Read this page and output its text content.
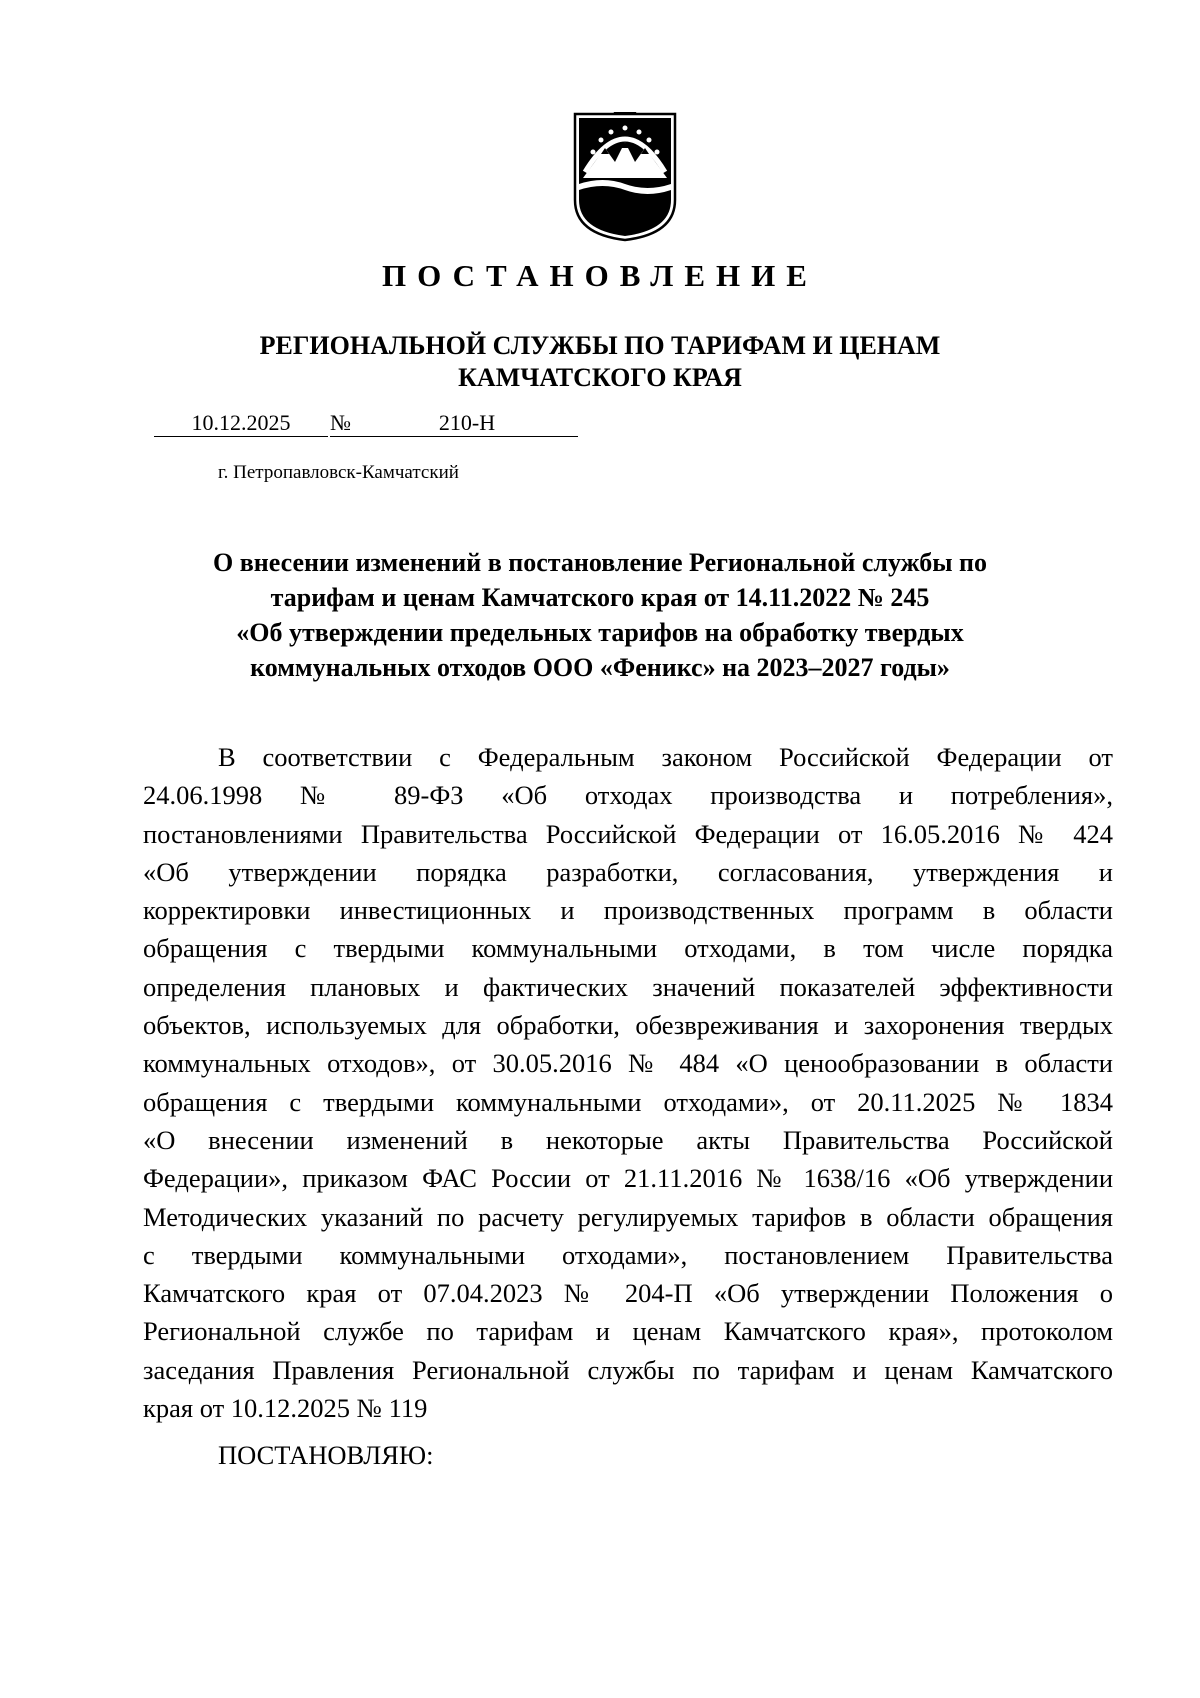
ПОСТАНОВЛЕНИЕ
РЕГИОНАЛЬНОЙ СЛУЖБЫ ПО ТАРИФАМ И ЦЕНАМ
КАМЧАТСКОГО КРАЯ
10.12.2025	№	210-Н
г. Петропавловск-Камчатский
О внесении изменений в постановление Региональной службы по
тарифам и ценам Камчатского края от 14.11.2022 № 245
«Об утверждении предельных тарифов на обработку твердых
коммунальных отходов ООО «Феникс» на 2023–2027 годы»
В соответствии с Федеральным законом Российской Федерации от
24.06.1998 № 89-ФЗ «Об отходах производства и потребления»,
постановлениями Правительства Российской Федерации от 16.05.2016 № 424
«Об утверждении порядка разработки, согласования, утверждения и
корректировки инвестиционных и производственных программ в области
обращения с твердыми коммунальными отходами, в том числе порядка
определения плановых и фактических значений показателей эффективности
объектов, используемых для обработки, обезвреживания и захоронения твердых
коммунальных отходов», от 30.05.2016 № 484 «О ценообразовании в области
обращения с твердыми коммунальными отходами», от 20.11.2025 № 1834
«О внесении изменений в некоторые акты Правительства Российской
Федерации», приказом ФАС России от 21.11.2016 № 1638/16 «Об утверждении
Методических указаний по расчету регулируемых тарифов в области обращения
с твердыми коммунальными отходами», постановлением Правительства
Камчатского края от 07.04.2023 № 204-П «Об утверждении Положения о
Региональной службе по тарифам и ценам Камчатского края», протоколом
заседания Правления Региональной службы по тарифам и ценам Камчатского
края от 10.12.2025 № 119
ПОСТАНОВЛЯЮ:
